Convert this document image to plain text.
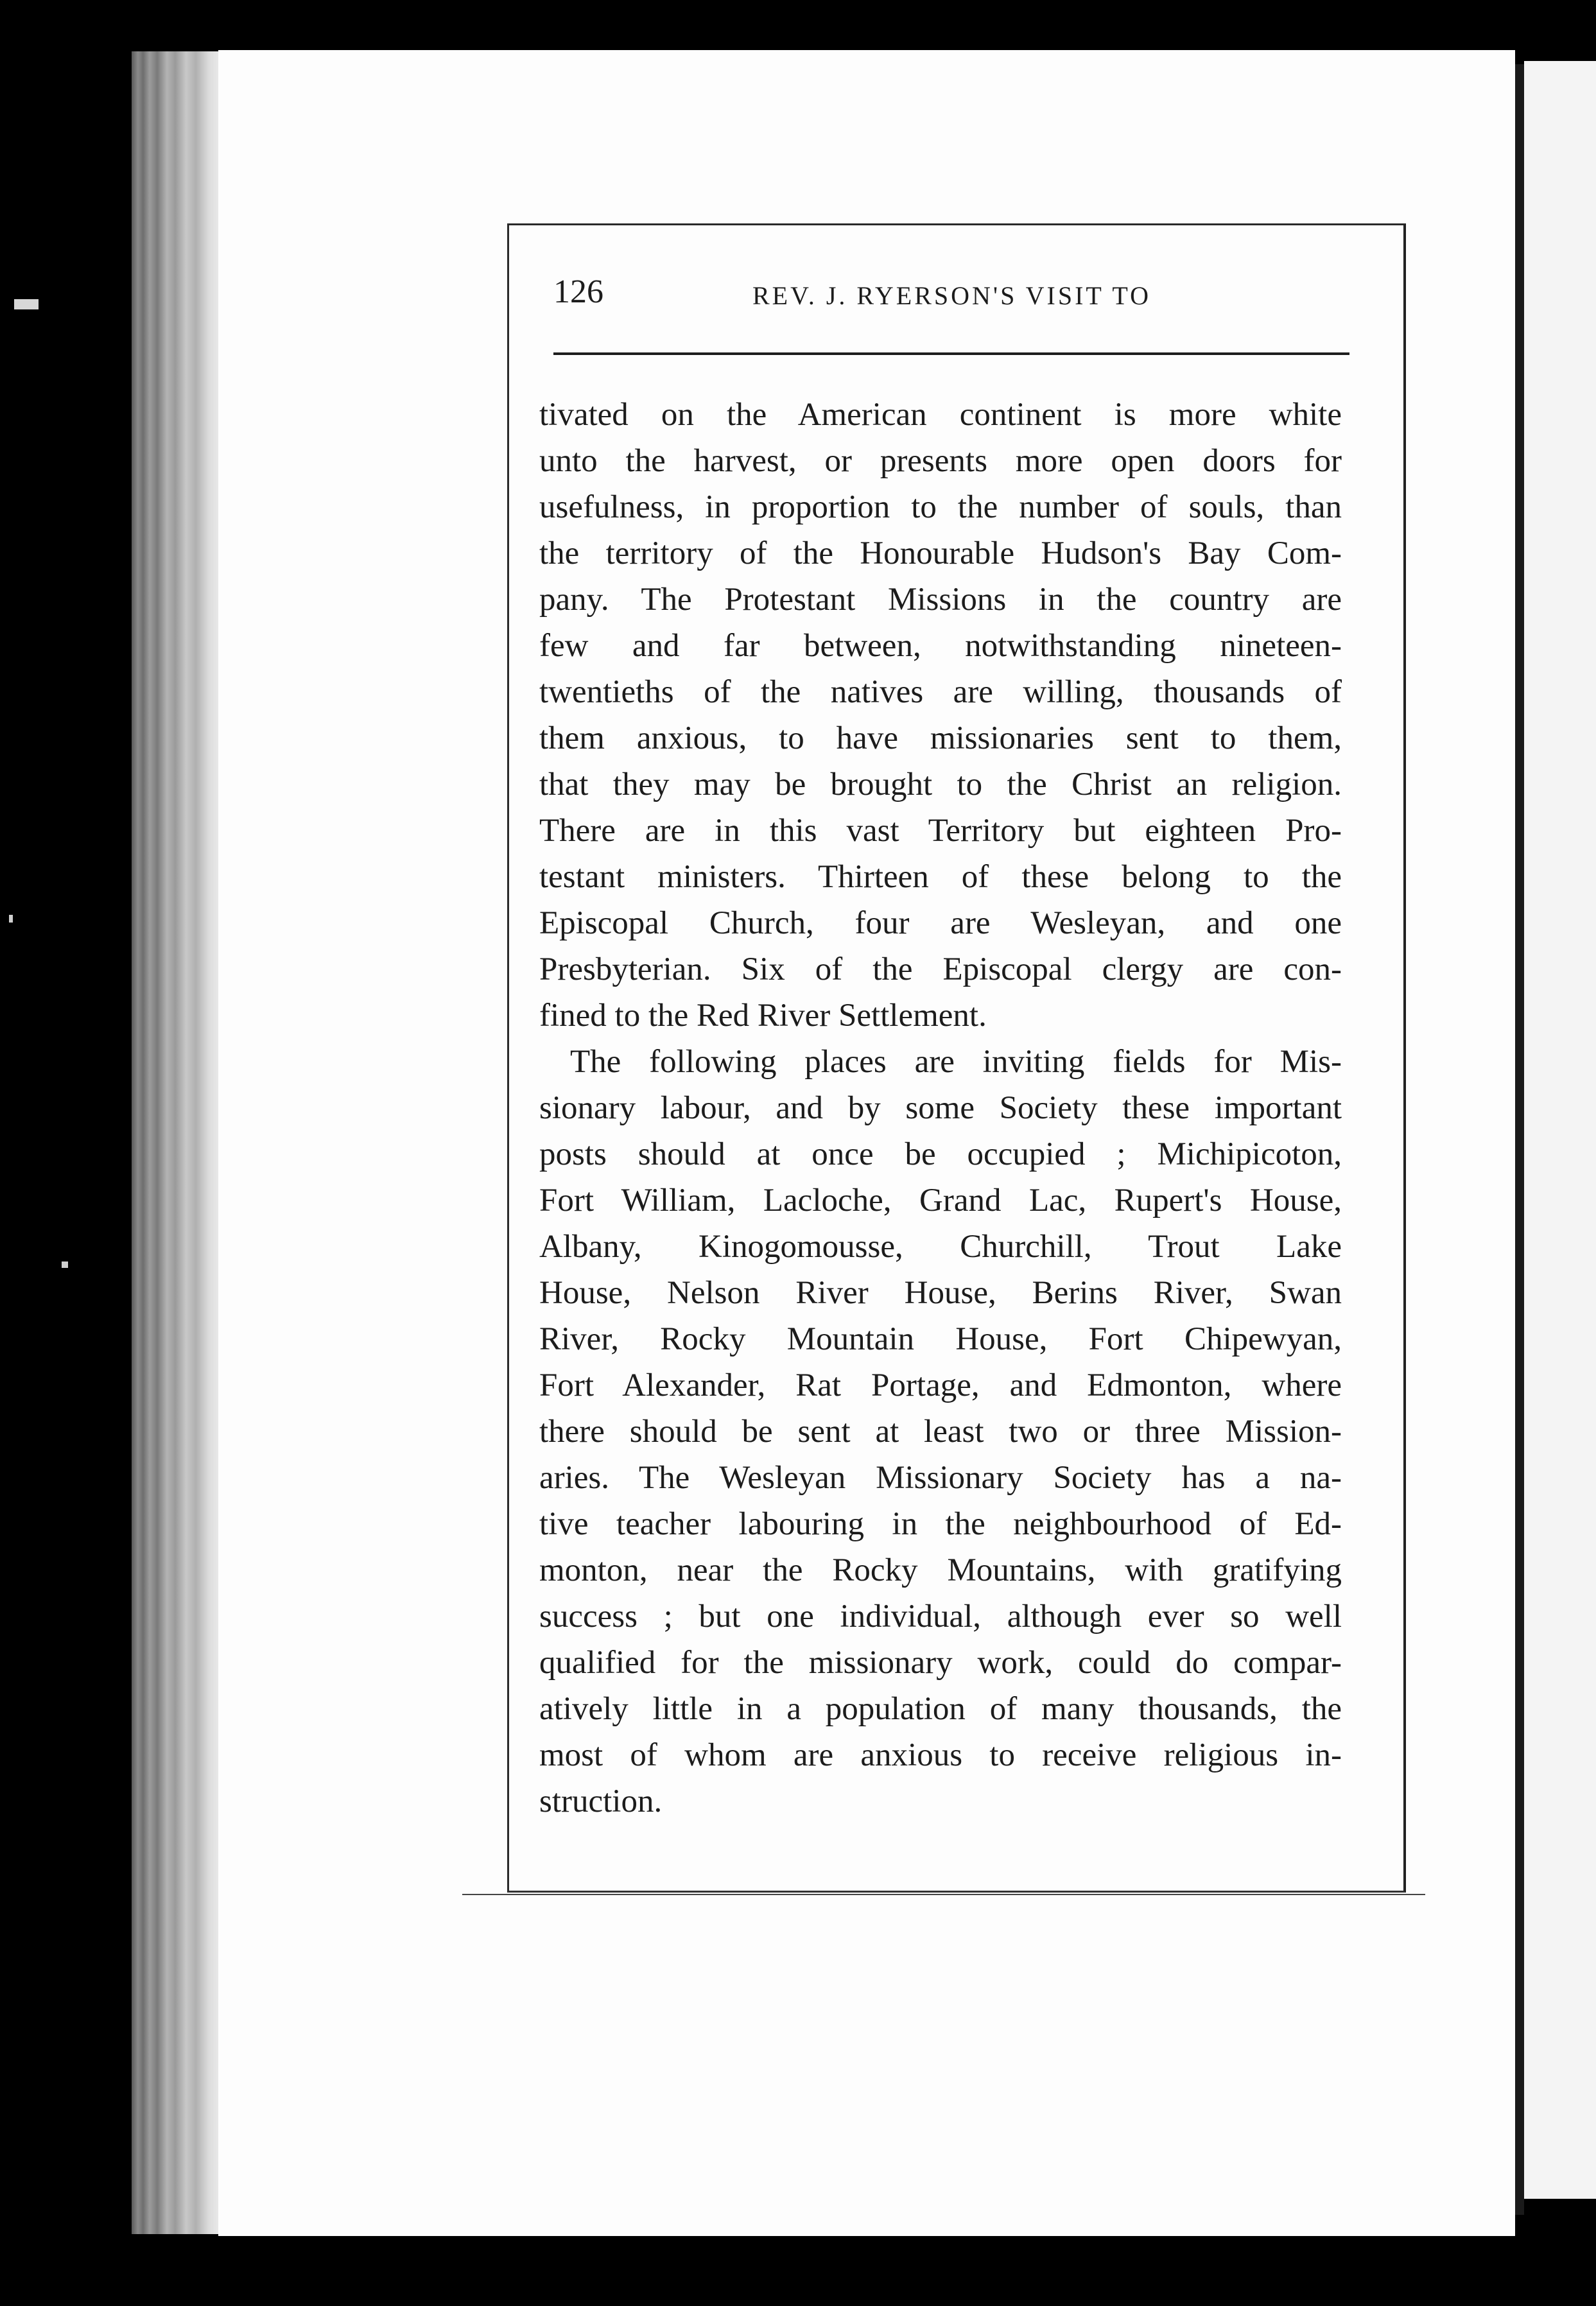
126	REV. J. RYERSON'S VISIT TO
tivated on the American continent is more white
unto the harvest, or presents more open doors for
usefulness, in proportion to the number of souls, than
the territory of the Honourable Hudson's Bay Com-
pany. The Protestant Missions in the country are
few and far between, notwithstanding nineteen-
twentieths of the natives are willing, thousands of
them anxious, to have missionaries sent to them,
that they may be brought to the Christ an religion.
There are in this vast Territory but eighteen Pro-
testant ministers. Thirteen of these belong to the
Episcopal Church, four are Wesleyan, and one
Presbyterian. Six of the Episcopal clergy are con-
fined to the Red River Settlement.
The following places are inviting fields for Mis-
sionary labour, and by some Society these important
posts should at once be occupied ; Michipicoton,
Fort William, Lacloche, Grand Lac, Rupert's House,
Albany, Kinogomousse, Churchill, Trout Lake
House, Nelson River House, Berins River, Swan
River, Rocky Mountain House, Fort Chipewyan,
Fort Alexander, Rat Portage, and Edmonton, where
there should be sent at least two or three Mission-
aries. The Wesleyan Missionary Society has a na-
tive teacher labouring in the neighbourhood of Ed-
monton, near the Rocky Mountains, with gratifying
success ; but one individual, although ever so well
qualified for the missionary work, could do compar-
atively little in a population of many thousands, the
most of whom are anxious to receive religious in-
struction.
